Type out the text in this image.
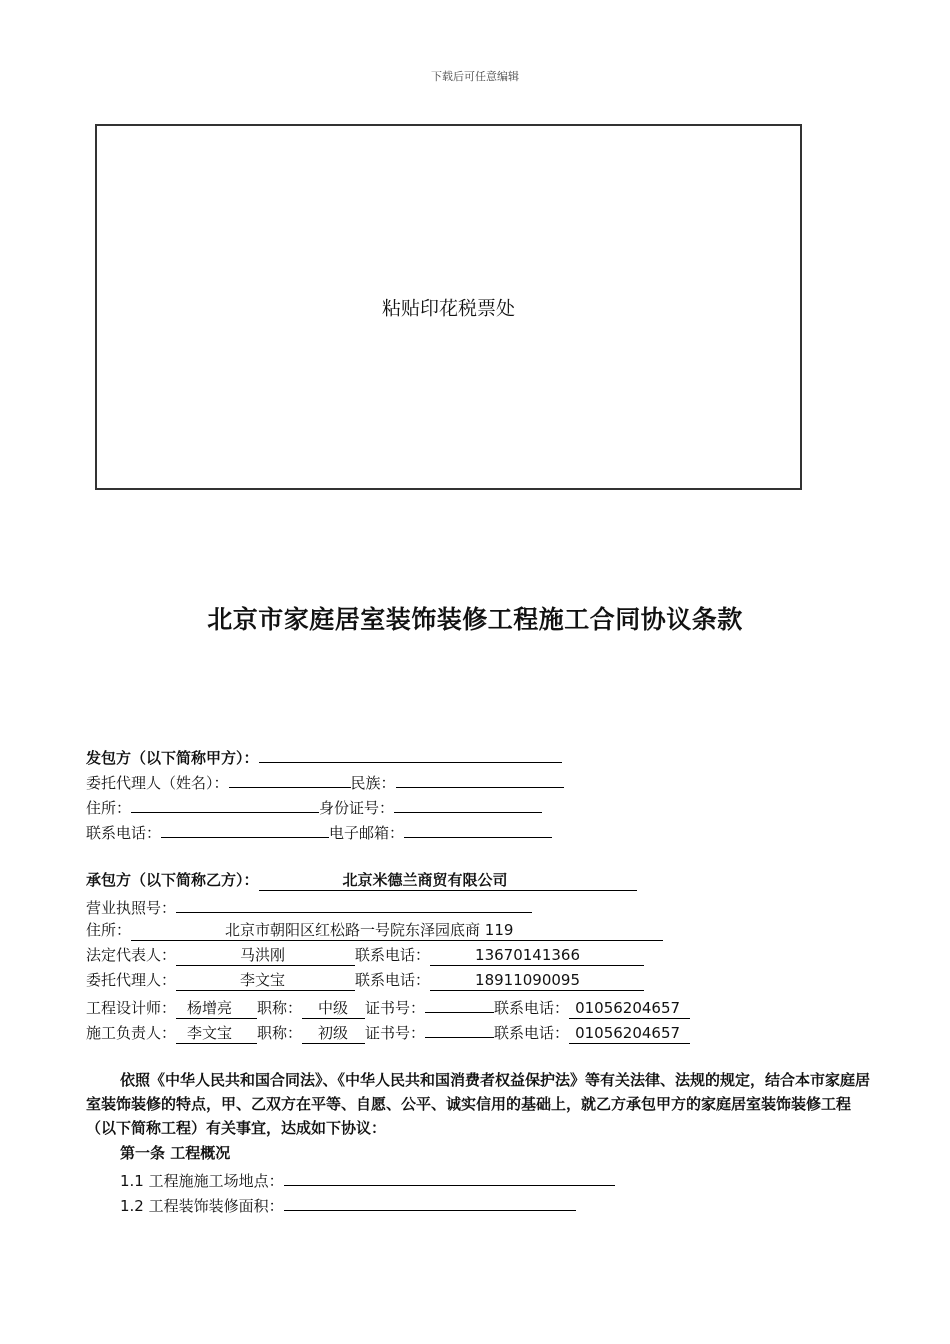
下载后可任意编辑
粘贴印花税票处
北京市家庭居室装饰装修工程施工合同协议条款
发包方（以下简称甲方）：
委托代理人（姓名）：	民族：
住所：	身份证号：
联系电话：	电子邮箱：
承包方（以下简称乙方）：	北京米德兰商贸有限公司
营业执照号：
住所：	北京市朝阳区红松路一号院东泽园底商 119
法定代表人：	马洪刚	联系电话：	13670141366
委托代理人：	李文宝	联系电话：	18911090095
工程设计师： 杨增亮 职称： 中级 证书号：	联系电话： 01056204657
施工负责人： 李文宝 职称： 初级 证书号：	联系电话： 01056204657
依照《中华人民共和国合同法》、《中华人民共和国消费者权益保护法》等有关法律、法规的规定，结合本市家庭居室装饰装修的特点，甲、乙双方在平等、自愿、公平、诚实信用的基础上，就乙方承包甲方的家庭居室装饰装修工程（以下简称工程）有关事宜，达成如下协议：
第一条 工程概况
1.1 工程施施工场地点：
1.2 工程装饰装修面积：
